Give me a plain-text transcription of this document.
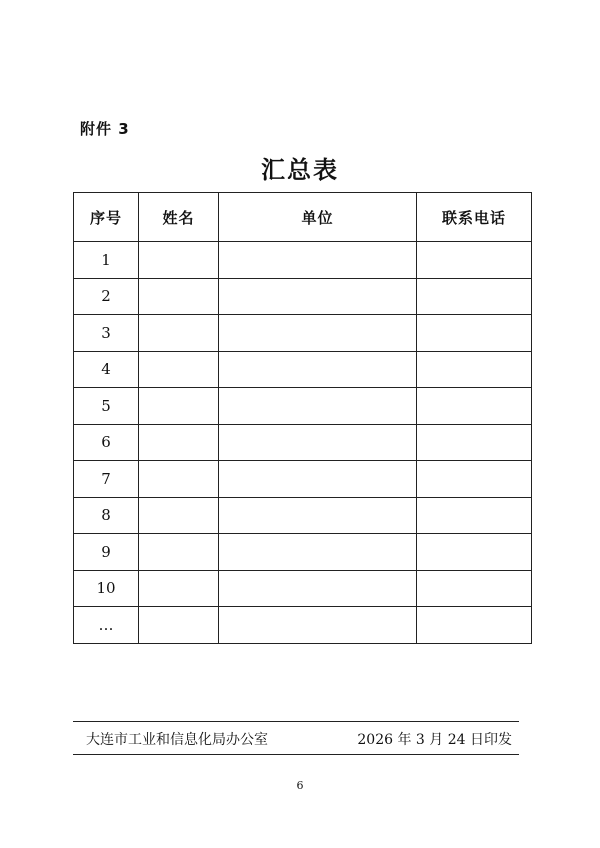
附件 3
汇总表
序号	姓名	单位	联系电话
1			
2			
3			
4			
5			
6			
7			
8			
9			
10			
…			
大连市工业和信息化局办公室	2026 年 3 月 24 日印发
6
